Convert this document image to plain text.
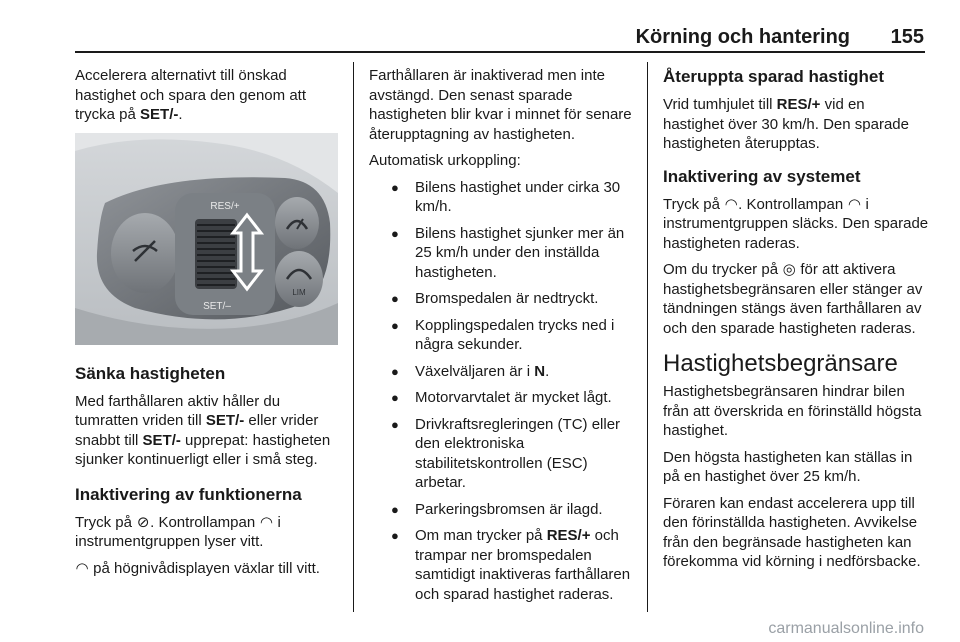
Körning och hantering 155

Accelerera alternativt till önskad hastighet och spara den genom att trycka på SET/-.

RES/+
SET/–
LIM
Sänka hastigheten

Med farthållaren aktiv håller du tumratten vriden till SET/- eller vrider snabbt till SET/- upprepat: hastigheten sjunker kontinuerligt eller i små steg.

Inaktivering av funktionerna

Tryck på ⊘. Kontrollampan ◠ i instrumentgruppen lyser vitt.

◠ på högnivådisplayen växlar till vitt.

Farthållaren är inaktiverad men inte avstängd. Den senast sparade hastigheten blir kvar i minnet för senare återupptagning av hastigheten.

Automatisk urkoppling:

● Bilens hastighet under cirka 30 km/h.
● Bilens hastighet sjunker mer än 25 km/h under den inställda hastigheten.
● Bromspedalen är nedtryckt.
● Kopplingspedalen trycks ned i några sekunder.
● Växelväljaren är i N.
● Motorvarvtalet är mycket lågt.
● Drivkraftsregleringen (TC) eller den elektroniska stabilitetskontrollen (ESC) arbetar.
● Parkeringsbromsen är ilagd.
● Om man trycker på RES/+ och trampar ner bromspedalen samtidigt inaktiveras farthållaren och sparad hastighet raderas.
Återuppta sparad hastighet

Vrid tumhjulet till RES/+ vid en hastighet över 30 km/h. Den sparade hastigheten återupptas.

Inaktivering av systemet

Tryck på ◠. Kontrollampan ◠ i instrumentgruppen släcks. Den sparade hastigheten raderas.

Om du trycker på ◎ för att aktivera hastighetsbegränsaren eller stänger av tändningen stängs även farthållaren av och den sparade hastigheten raderas.

Hastighetsbegränsare

Hastighetsbegränsaren hindrar bilen från att överskrida en förinställd högsta hastighet.

Den högsta hastigheten kan ställas in på en hastighet över 25 km/h.

Föraren kan endast accelerera upp till den förinställda hastigheten. Avvikelse från den begränsade hastigheten kan förekomma vid körning i nedförsbacke.

carmanualsonline.info
